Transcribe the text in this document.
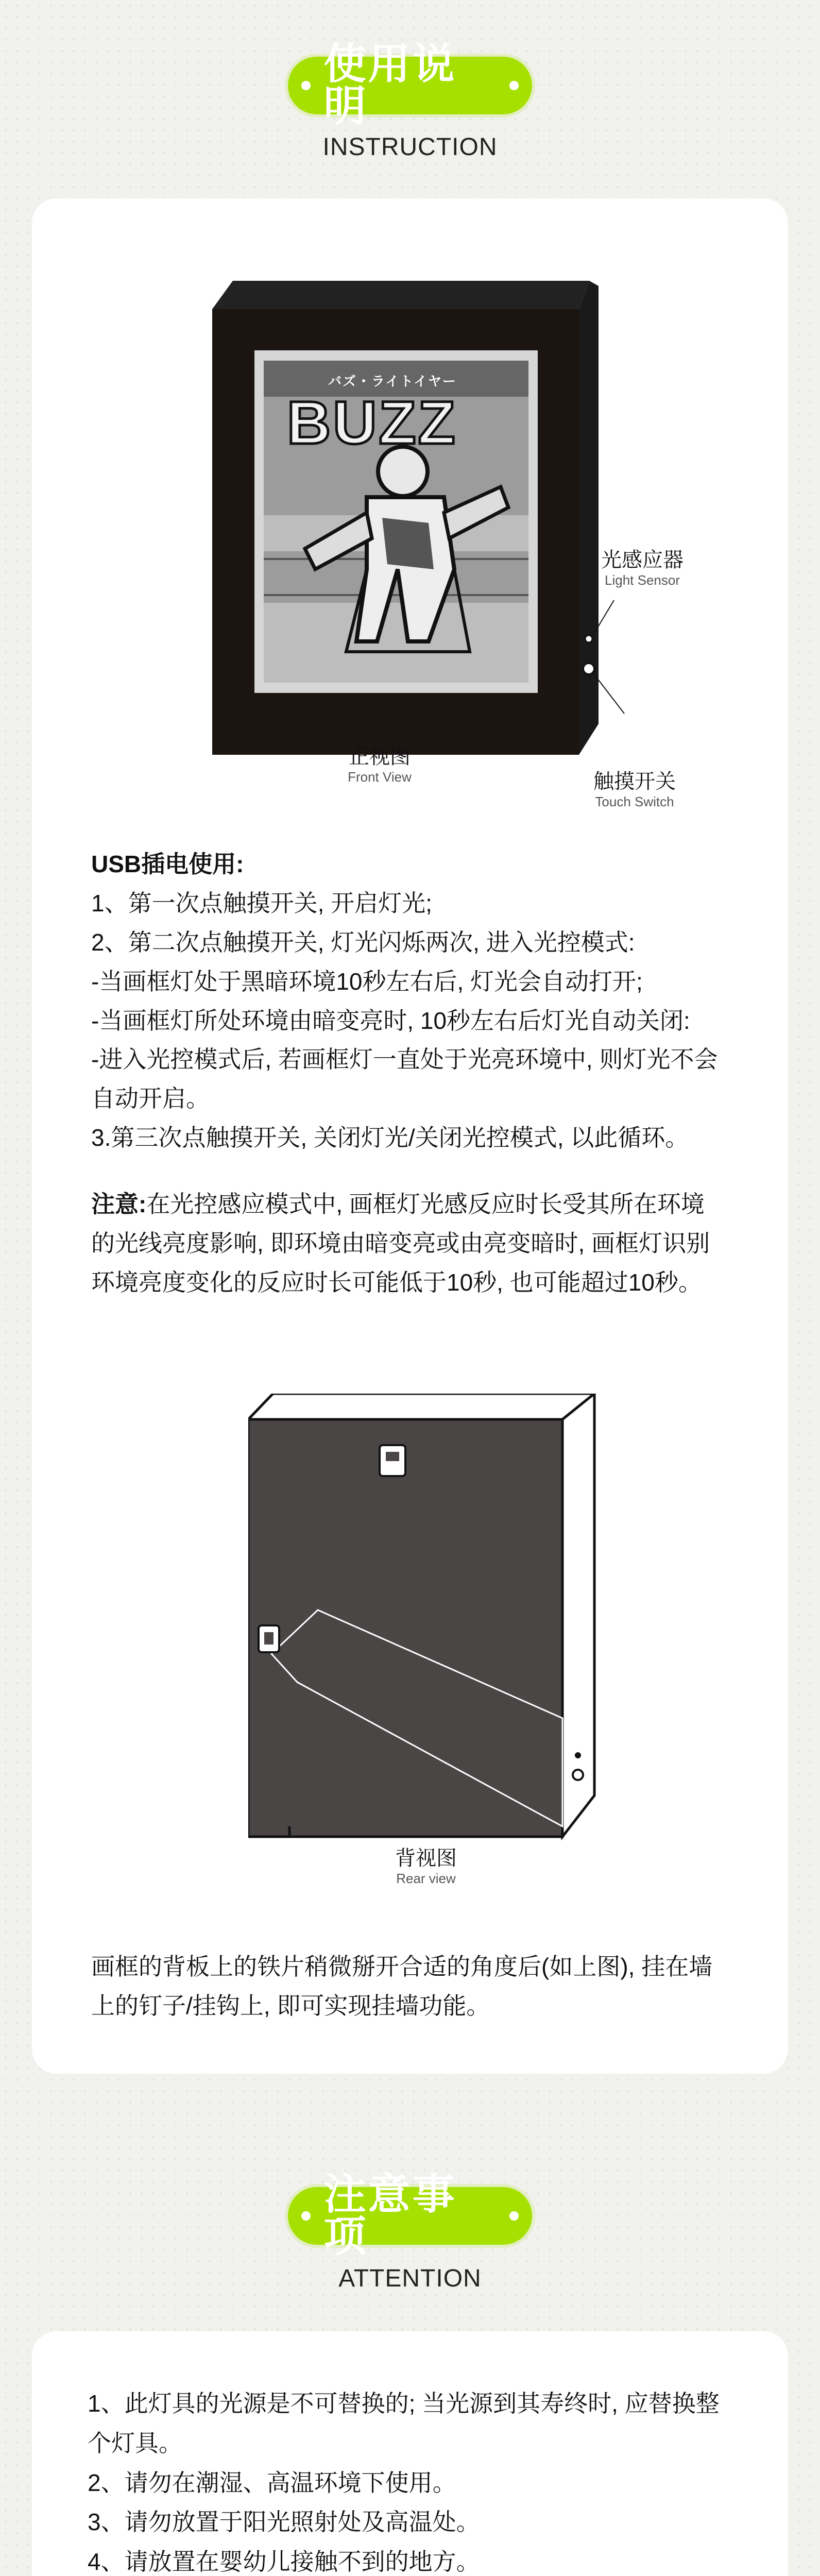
使用说明
INSTRUCTION
バズ・ライトイヤー
BUZZ
光感应器
Light Sensor
正视图
Front View	触摸开关
Touch Switch

USB插电使用:

1、第一次点触摸开关, 开启灯光;

2、第二次点触摸开关, 灯光闪烁两次, 进入光控模式:

-当画框灯处于黑暗环境10秒左右后, 灯光会自动打开;

-当画框灯所处环境由暗变亮时, 10秒左右后灯光自动关闭:

-进入光控模式后, 若画框灯一直处于光亮环境中, 则灯光不会

自动开启。

3.第三次点触摸开关, 关闭灯光/关闭光控模式, 以此循环。

注意:在光控感应模式中, 画框灯光感反应时长受其所在环境

的光线亮度影响, 即环境由暗变亮或由亮变暗时, 画框灯识别

环境亮度变化的反应时长可能低于10秒, 也可能超过10秒。

背视图
Rear view

画框的背板上的铁片稍微掰开合适的角度后(如上图), 挂在墙

上的钉子/挂钩上, 即可实现挂墙功能。

注意事项
ATTENTION

1、此灯具的光源是不可替换的; 当光源到其寿终时, 应替换整

个灯具。

2、请勿在潮湿、高温环境下使用。

3、请勿放置于阳光照射处及高温处。

4、请放置在婴幼儿接触不到的地方。
